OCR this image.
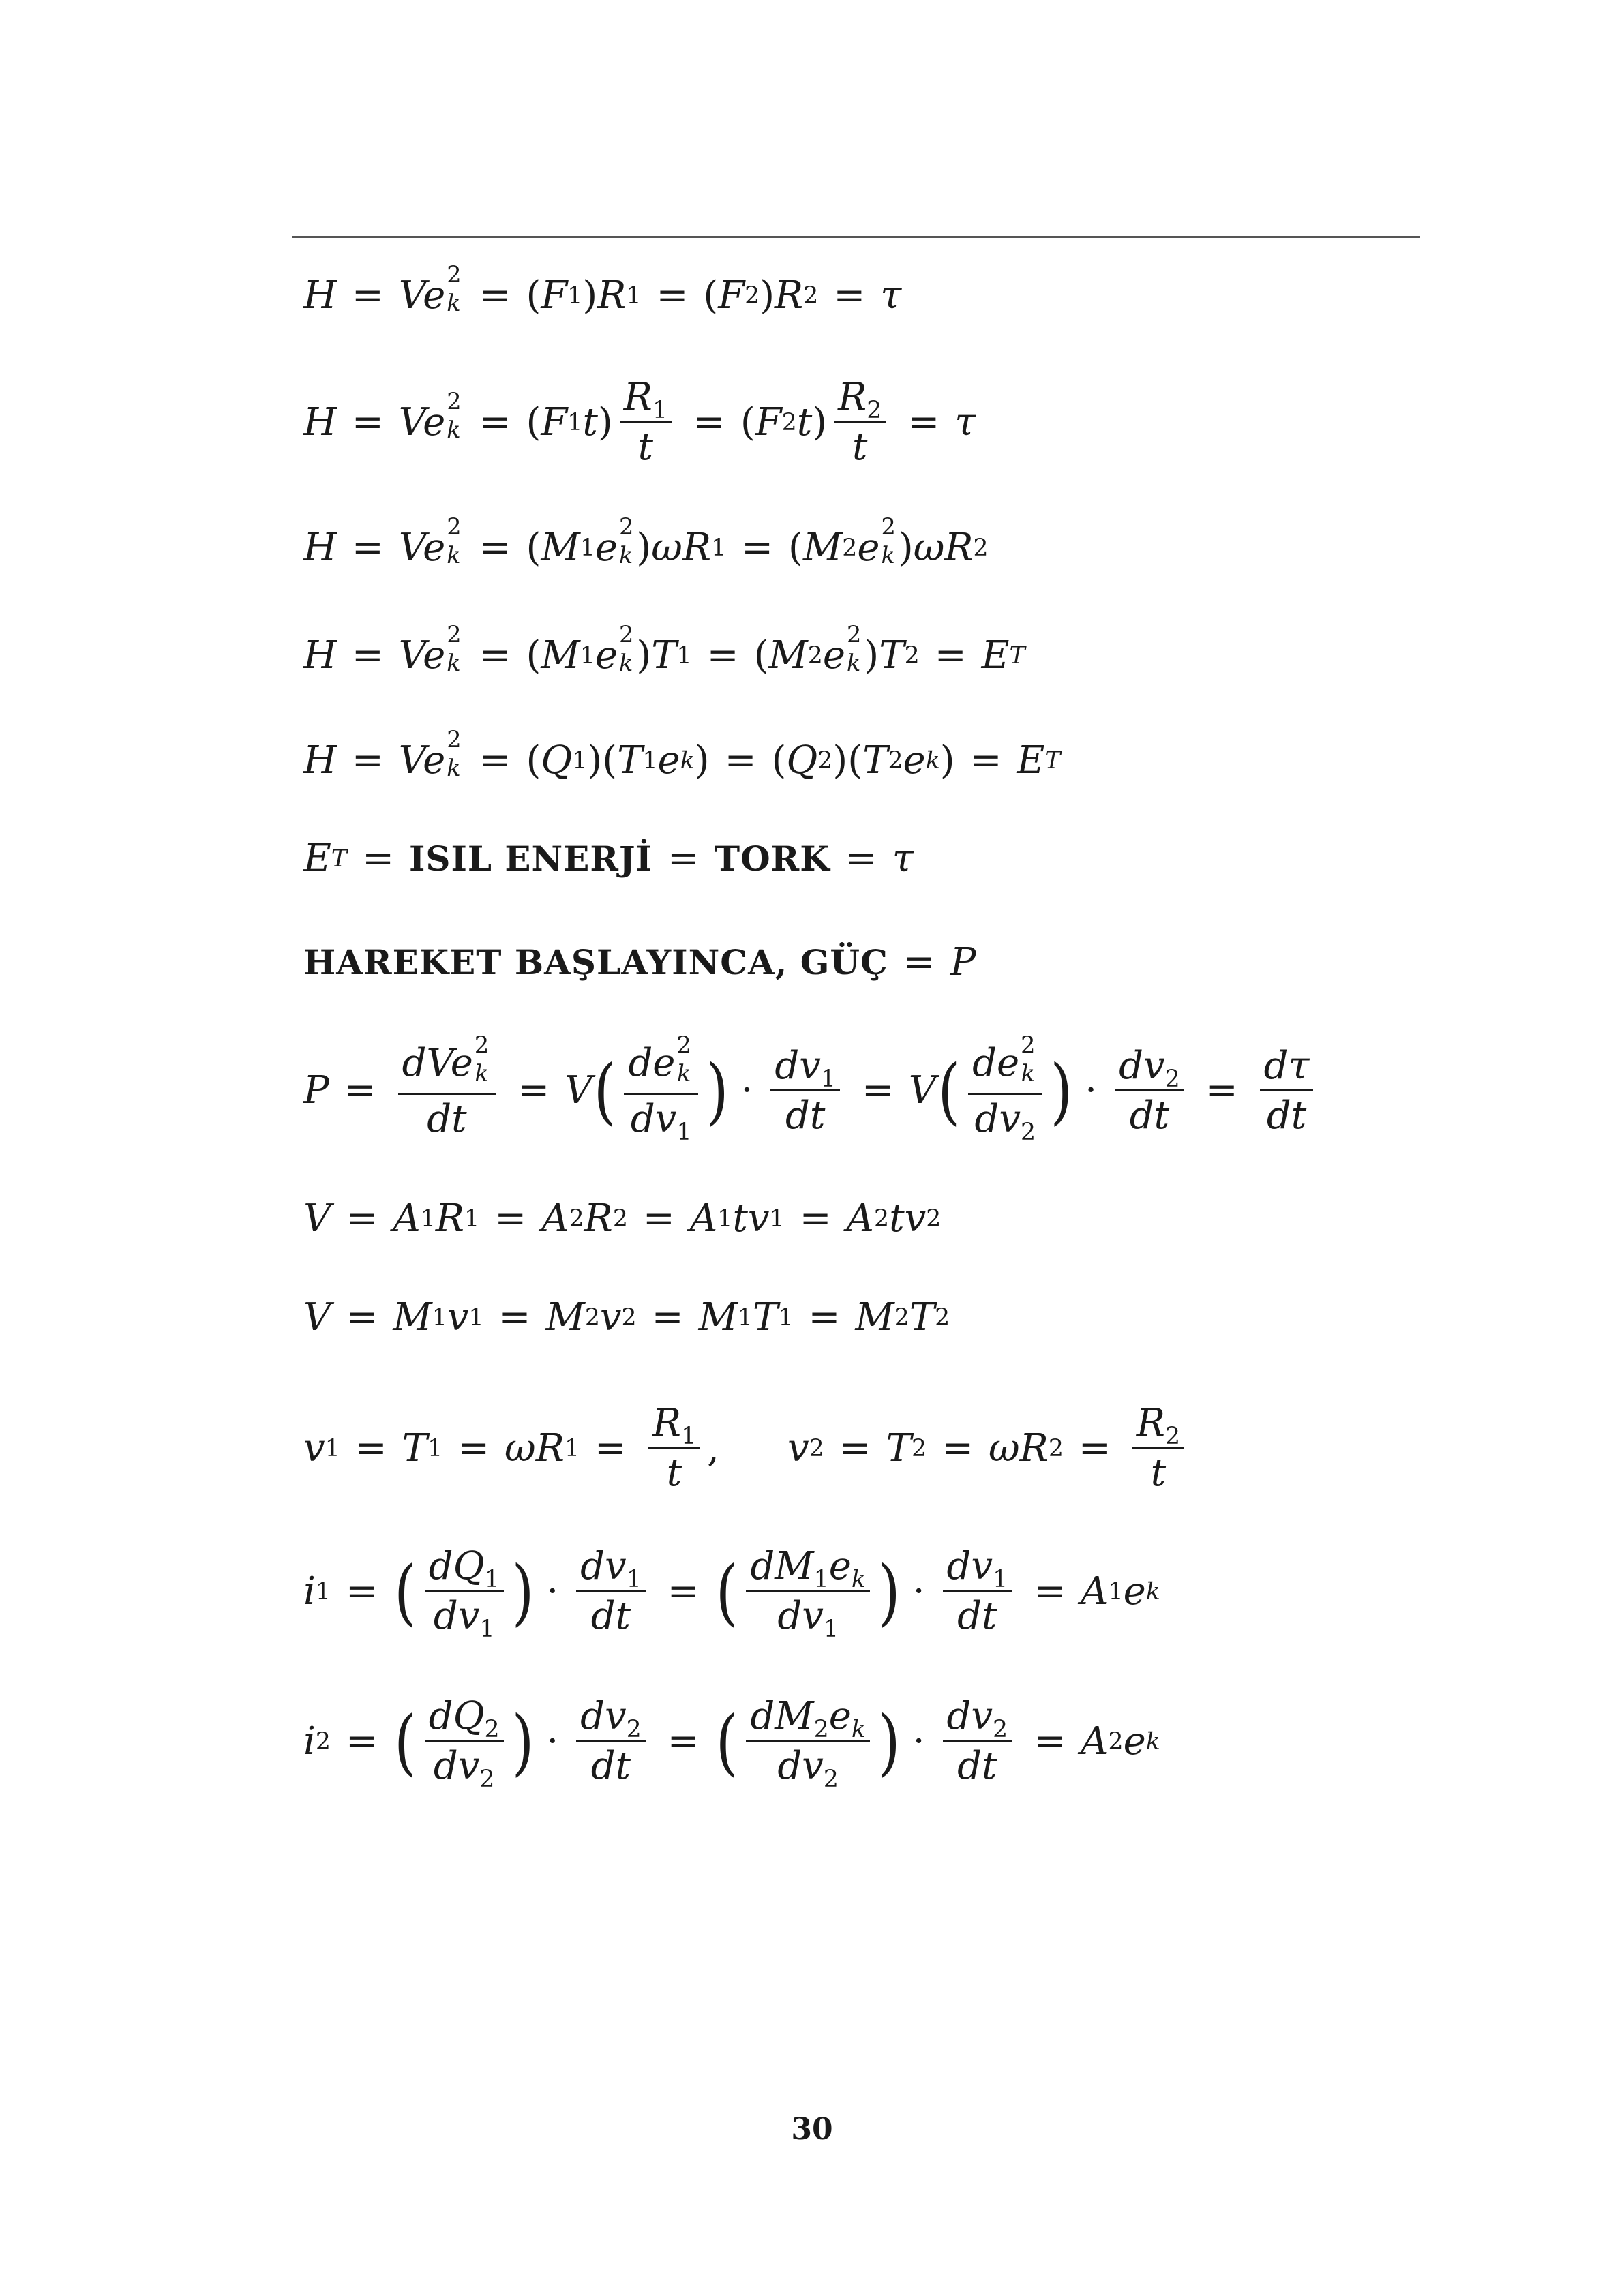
H = Ve 2
k = ( F 1 ) R 1 = ( F 2 ) R 2 = τ
H = Ve 2
k = ( F 1 t ) $\frac{R_1}{t}$ = ( F 2 t ) $\frac{R_2}{t} = \tau$
H = Ve 2
k = ( M 1 e 2
k ) ωR 1 = ( M 2 e 2
k ) ωR 2
H = Ve 2
k = ( M 1 e 2
k ) T 1 = ( M 2 e 2
k ) T 2 = E T
H = Ve 2
k = ( Q 1 )( T 1 e k ) = ( Q 2 )( T 2 e k ) = E T
E T = ISIL ENERJİ = TORK = τ
HAREKET BAŞLAYINCA, GÜÇ = P
P = dVe 2
k
dt = V ( de 2
k
$dv_1$ ) · $\frac{dv_1}{dt} = V$ ( de 2
k
$dv_2$ ) · $\frac{dv_2}{dt} = \frac{d\tau}{dt}$
V = A 1 R 1 = A 2 R 2 = A 1 tv 1 = A 2 tv 2
V = M 1 v 1 = M 2 v 2 = M 1 T 1 = M 2 T 2
v 1 = T 1 = ωR $1 = \frac{R_1}{t}$ , v 2 = T 2 = ωR $2 = \frac{R_2}{t}$
i 1 = ( $\frac{dQ_1}{dv_1}$ ) · $\frac{dv_1}{dt}$ = ( $\frac{dM_1e_k}{dv_1}$ ) · $\frac{dv_1}{dt} = A$ 1 e k
i 2 = ( $\frac{dQ_2}{dv_2}$ ) · $\frac{dv_2}{dt}$ = ( $\frac{dM_2e_k}{dv_2}$ ) · $\frac{dv_2}{dt} = A$ 2 e k
30
